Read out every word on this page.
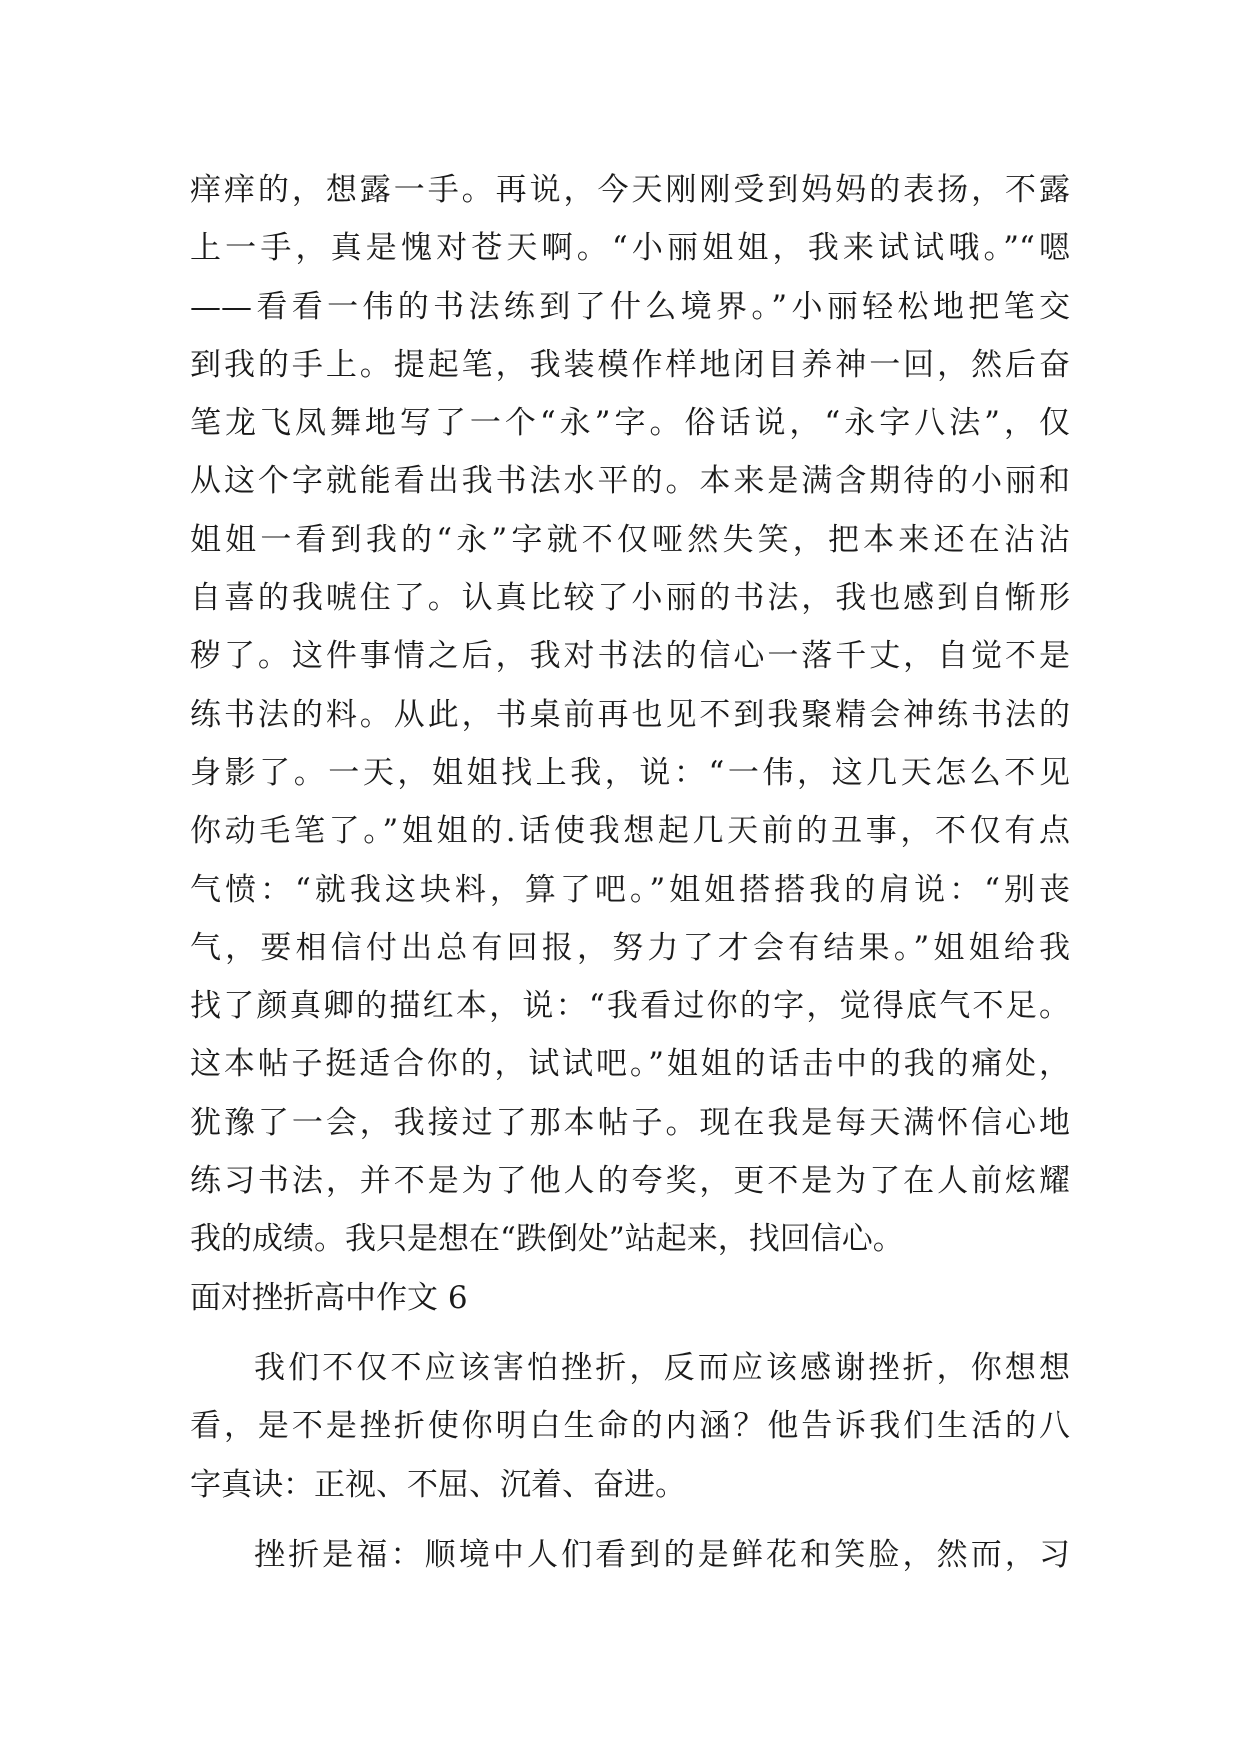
痒痒的，想露一手。再说，今天刚刚受到妈妈的表扬，不露
上一手，真是愧对苍天啊。“小丽姐姐，我来试试哦。”“嗯
——看看一伟的书法练到了什么境界。”小丽轻松地把笔交
到我的手上。提起笔，我装模作样地闭目养神一回，然后奋
笔龙飞凤舞地写了一个“永”字。俗话说，“永字八法”，仅
从这个字就能看出我书法水平的。本来是满含期待的小丽和
姐姐一看到我的“永”字就不仅哑然失笑，把本来还在沾沾
自喜的我唬住了。认真比较了小丽的书法，我也感到自惭形
秽了。这件事情之后，我对书法的信心一落千丈，自觉不是
练书法的料。从此，书桌前再也见不到我聚精会神练书法的
身影了。一天，姐姐找上我，说：“一伟，这几天怎么不见
你动毛笔了。”姐姐的.话使我想起几天前的丑事，不仅有点
气愤：“就我这块料，算了吧。”姐姐搭搭我的肩说：“别丧
气，要相信付出总有回报，努力了才会有结果。”姐姐给我
找了颜真卿的描红本，说：“我看过你的字，觉得底气不足。
这本帖子挺适合你的，试试吧。”姐姐的话击中的我的痛处，
犹豫了一会，我接过了那本帖子。现在我是每天满怀信心地
练习书法，并不是为了他人的夸奖，更不是为了在人前炫耀
我的成绩。我只是想在“跌倒处”站起来，找回信心。
面对挫折高中作文 6
我们不仅不应该害怕挫折，反而应该感谢挫折，你想想
看，是不是挫折使你明白生命的内涵？他告诉我们生活的八
字真诀：正视、不屈、沉着、奋进。
挫折是福：顺境中人们看到的是鲜花和笑脸，然而，习
